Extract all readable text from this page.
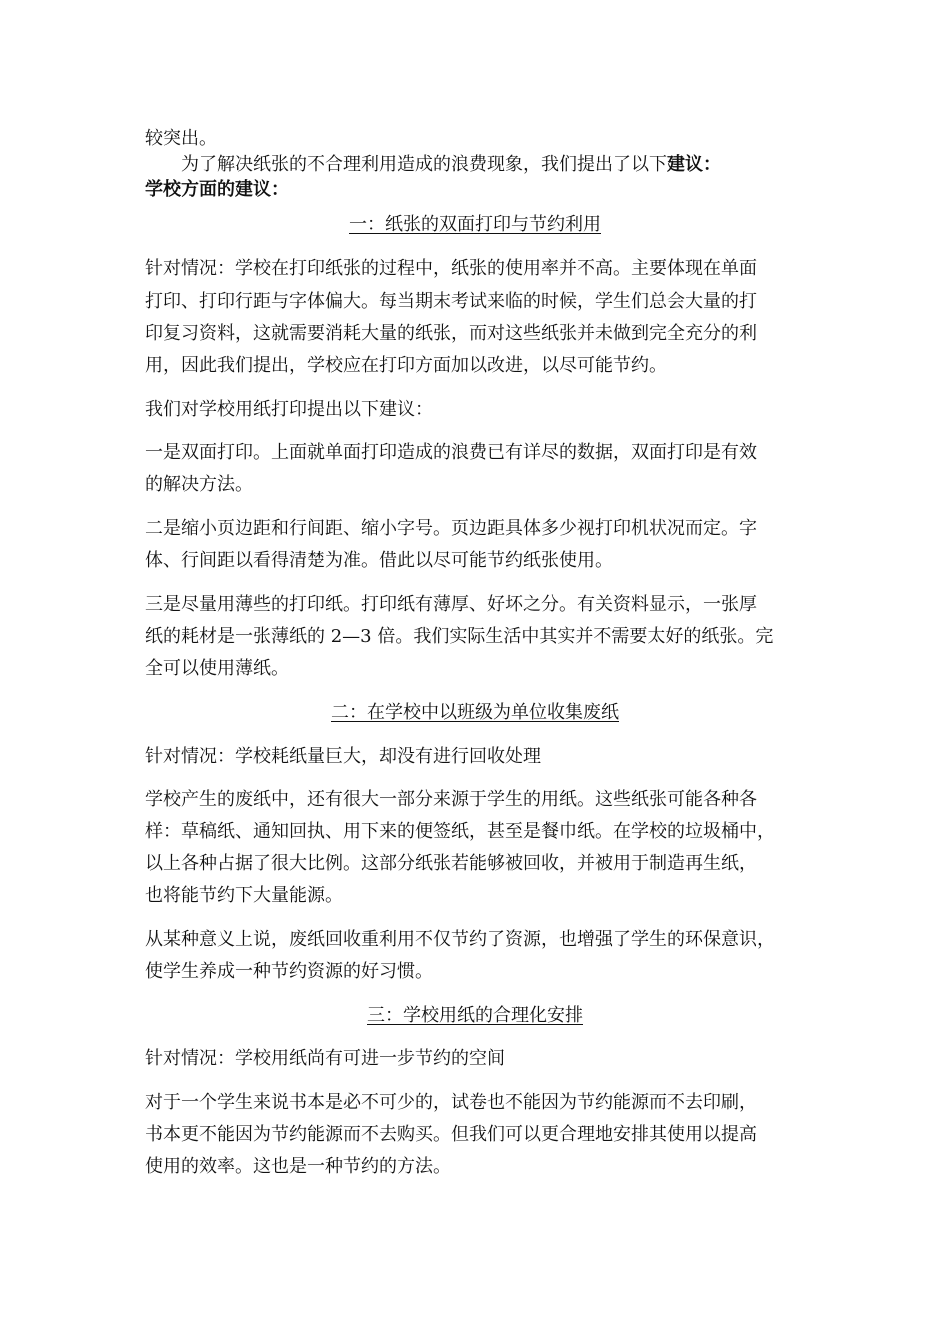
较突出。
为了解决纸张的不合理利用造成的浪费现象，我们提出了以下建议：
学校方面的建议：
一：纸张的双面打印与节约利用
针对情况：学校在打印纸张的过程中，纸张的使用率并不高。主要体现在单面
打印、打印行距与字体偏大。每当期末考试来临的时候，学生们总会大量的打
印复习资料，这就需要消耗大量的纸张，而对这些纸张并未做到完全充分的利
用，因此我们提出，学校应在打印方面加以改进，以尽可能节约。
我们对学校用纸打印提出以下建议：
一是双面打印。上面就单面打印造成的浪费已有详尽的数据，双面打印是有效
的解决方法。
二是缩小页边距和行间距、缩小字号。页边距具体多少视打印机状况而定。字
体、行间距以看得清楚为准。借此以尽可能节约纸张使用。
三是尽量用薄些的打印纸。打印纸有薄厚、好坏之分。有关资料显示，一张厚
纸的耗材是一张薄纸的 2—3 倍。我们实际生活中其实并不需要太好的纸张。完
全可以使用薄纸。
二：在学校中以班级为单位收集废纸
针对情况：学校耗纸量巨大，却没有进行回收处理
学校产生的废纸中，还有很大一部分来源于学生的用纸。这些纸张可能各种各
样：草稿纸、通知回执、用下来的便签纸，甚至是餐巾纸。在学校的垃圾桶中，
以上各种占据了很大比例。这部分纸张若能够被回收，并被用于制造再生纸，
也将能节约下大量能源。
从某种意义上说，废纸回收重利用不仅节约了资源，也增强了学生的环保意识，
使学生养成一种节约资源的好习惯。
三：学校用纸的合理化安排
针对情况：学校用纸尚有可进一步节约的空间
对于一个学生来说书本是必不可少的，试卷也不能因为节约能源而不去印刷，
书本更不能因为节约能源而不去购买。但我们可以更合理地安排其使用以提高
使用的效率。这也是一种节约的方法。
